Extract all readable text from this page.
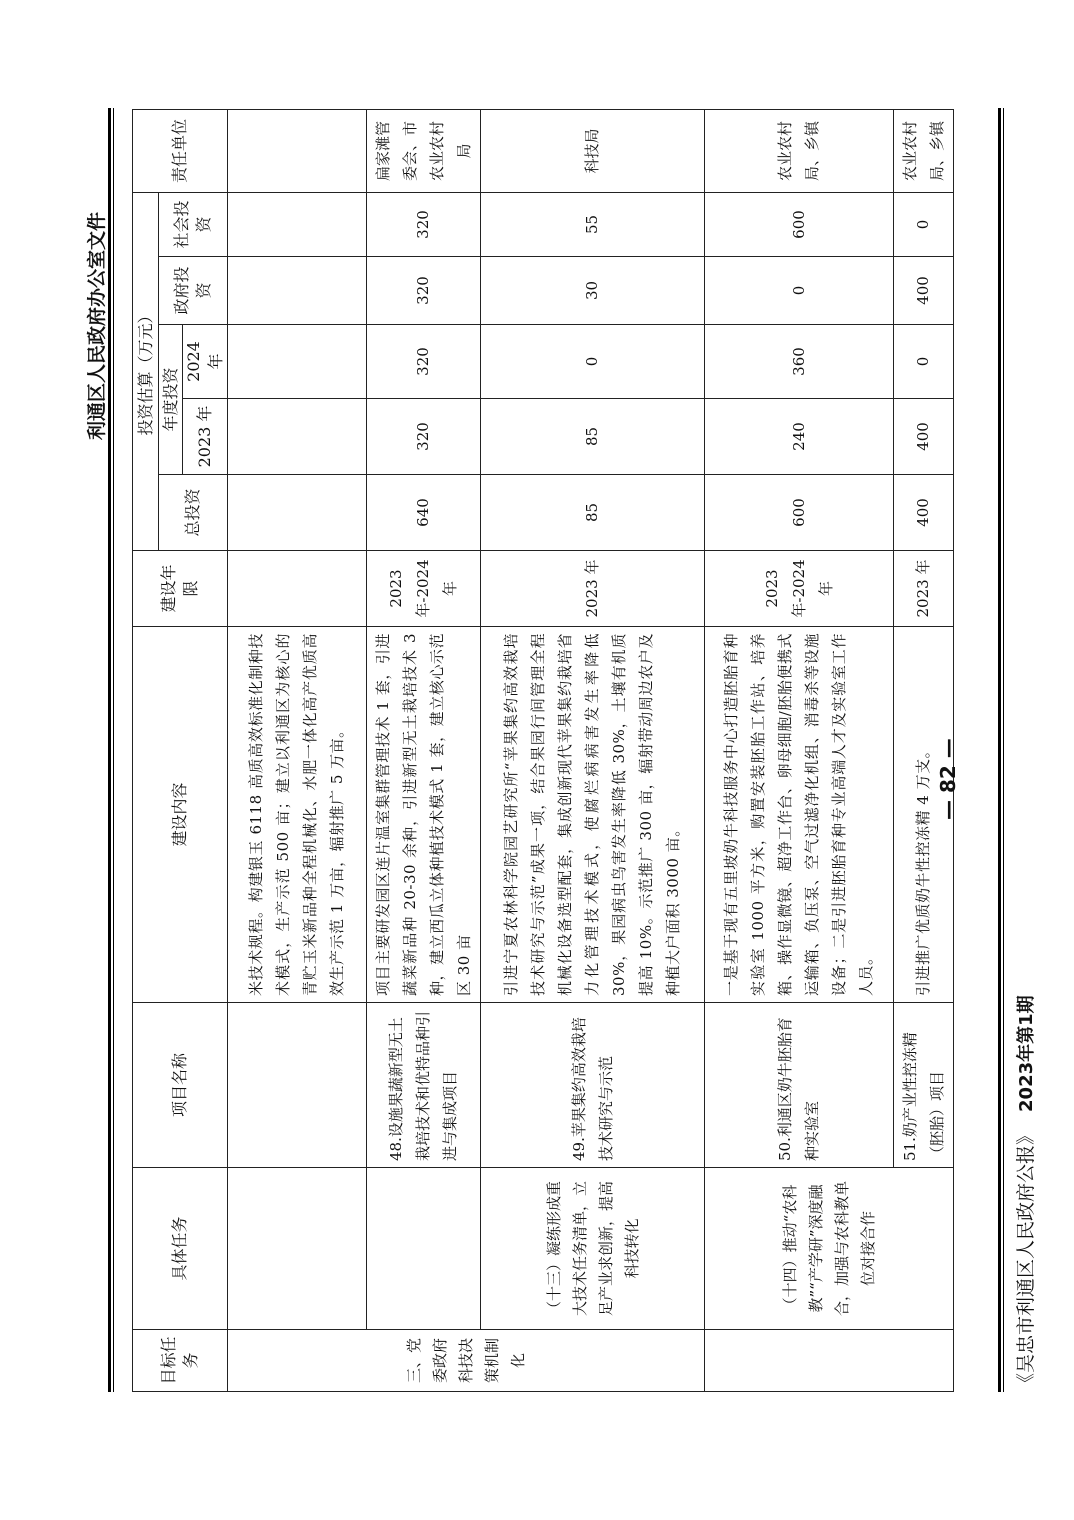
《吴忠市利通区人民政府公报》2023年第1期
利通区人民政府办公室文件
目标任务	具体任务	项目名称	建设内容	建设年限	投资估算（万元）					责任单位
					总投资	年度投资		政府投资	社会投资	
						2023 年	2024 年			

三、党委政府科技决策机制化			米技术规程。构建银玉 6118 高质高效标准化制种技术模式，生产示范 500 亩；建立以利通区为核心的青贮玉米新品种全程机械化、水肥一体化高产优质高效生产示范 1 万亩，辐射推广 5 万亩。							
		48.设施果蔬新型无土栽培技术和优特品种引进与集成项目	项目主要研发园区连片温室集群管理技术 1 套，引进蔬菜新品种 20-30 余种，引进新型无土栽培技术 3 种，建立西瓜立体种植技术模式 1 套，建立核心示范区 30 亩	2023 年-2024 年	640	320	320	320	320	扁家滩管委会、市农业农村局
	（十三）凝练形成重大技术任务清单，立足产业求创新，提高科技转化	49.苹果集约高效栽培技术研究与示范	引进宁夏农林科学院园艺研究所“苹果集约高效栽培技术研究与示范”成果一项，结合果园行间管理全程机械化设备选型配套，集成创新现代苹果集约栽培省力化管理技术模式，使腐烂病病害发生率降低 30%，果园病虫鸟害发生率降低 30%，土壤有机质提高 10%。示范推广 300 亩，辐射带动周边农户及种植大户面积 3000 亩。	2023 年	85	85	0	30	55	科技局
	（十四）推动“农科教”“产学研”深度融合，加强与农科教单位对接合作	50.利通区奶牛胚胎育种实验室	一是基于现有五里坡奶牛科技服务中心打造胚胎育种实验室 1000 平方米，购置安装胚胎工作站、培养箱、操作显微镜、超净工作台、卵母细胞/胚胎便携式运输箱、负压泵、空气过滤净化机组、消毒杀等设施设备；二是引进胚胎育种专业高端人才及实验室工作人员。	2023 年-2024 年	600	240	360	0	600	农业农村局、乡镇
		51.奶产业性控冻精（胚胎）项目	引进推广优质奶牛性控冻精 4 万支。	2023 年	400	400	0	400	0	农业农村局、乡镇
— 82 —
